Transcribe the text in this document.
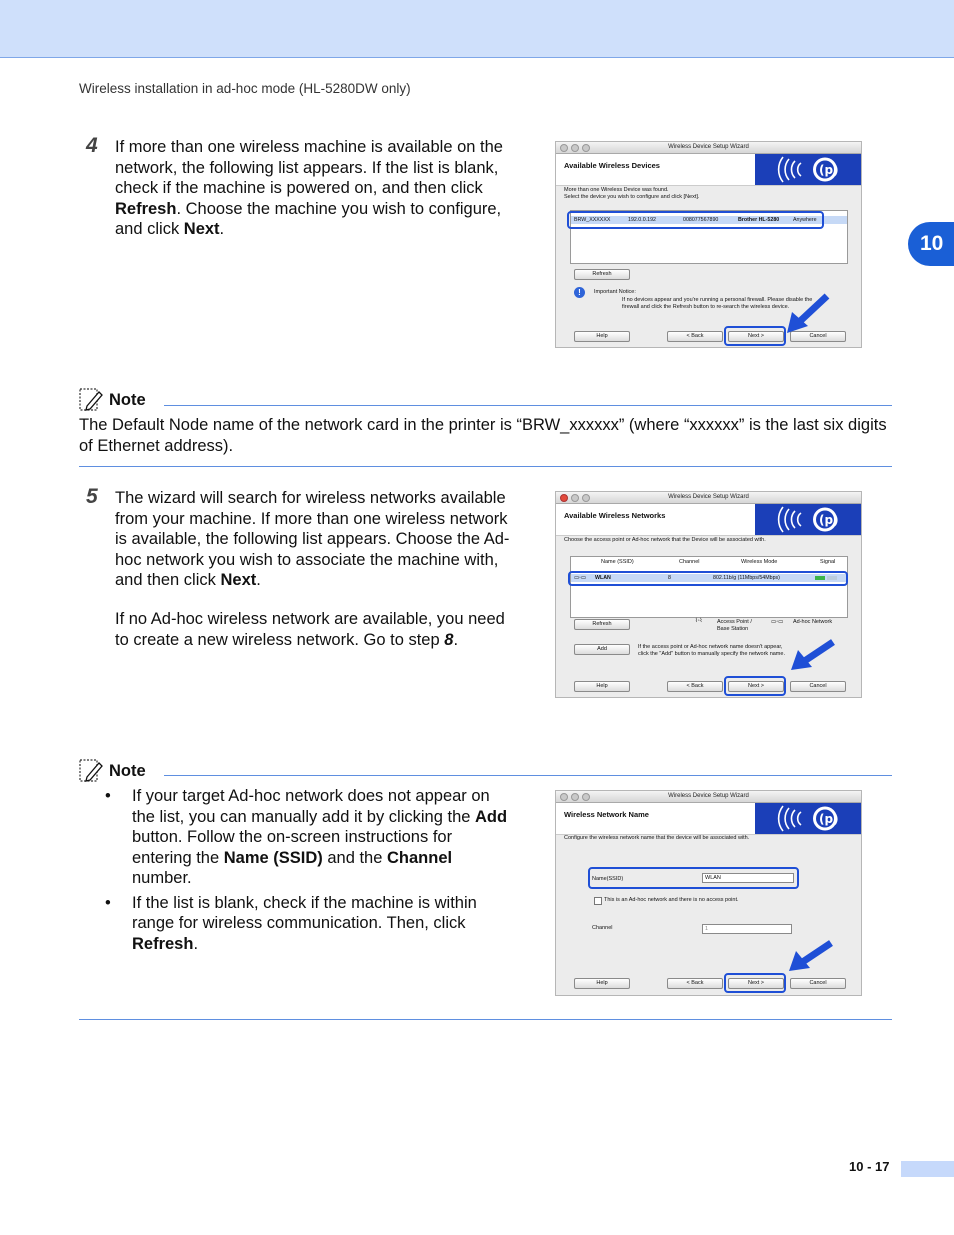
Wireless installation in ad-hoc mode (HL-5280DW only)
10
4 If more than one wireless machine is available on the network, the following list appears. If the list is blank, check if the machine is powered on, and then click Refresh. Choose the machine you wish to configure, and click Next.

Wireless Device Setup Wizard
Available Wireless Devices	(p)
More than one Wireless Device was found.
Select the device you wish to configure and click [Next].
BRW_XXXXXX	192.0.0.192	008077567890	Brother HL-5280	Anywhere
Refresh
!	Important Notice:
If no devices appear and you're running a personal firewall. Please disable the
firewall and click the Refresh button to re-search the wireless device.
Help	< Back	Next >	Cancel
Note

The Default Node name of the network card in the printer is “BRW_xxxxxx” (where “xxxxxx” is the last six digits of Ethernet address).

5 The wizard will search for wireless networks available from your machine. If more than one wireless network is available, the following list appears. Choose the Ad-hoc network you wish to associate the machine with, and then click Next.

If no Ad-hoc wireless network are available, you need to create a new wireless network. Go to step 8.

Wireless Device Setup Wizard
Available Wireless Networks	(p)
Choose the access point or Ad-hoc network that the Device will be associated with.
Name (SSID)	Channel	Wireless Mode	Signal
▭◦▭ WLAN	8	802.11b/g (11Mbps/54Mbps)
Refresh	⌇◦⌇	Access Point /
Base Station
▭◦▭ Ad-hoc Network
Add	If the access point or Ad-hoc network name doesn't appear,
click the "Add" button to manually specify the network name.
Help	< Back	Next >	Cancel
Note
• If your target Ad-hoc network does not appear on the list, you can manually add it by clicking the Add button. Follow the on-screen instructions for entering the Name (SSID) and the Channel number.
• If the list is blank, check if the machine is within range for wireless communication. Then, click Refresh.
Wireless Device Setup Wizard
Wireless Network Name	(p)
Configure the wireless network name that the device will be associated with.
Name(SSID)	WLAN
This is an Ad-hoc network and there is no access point.
Channel	1
Help	< Back	Next >	Cancel
10 - 17
